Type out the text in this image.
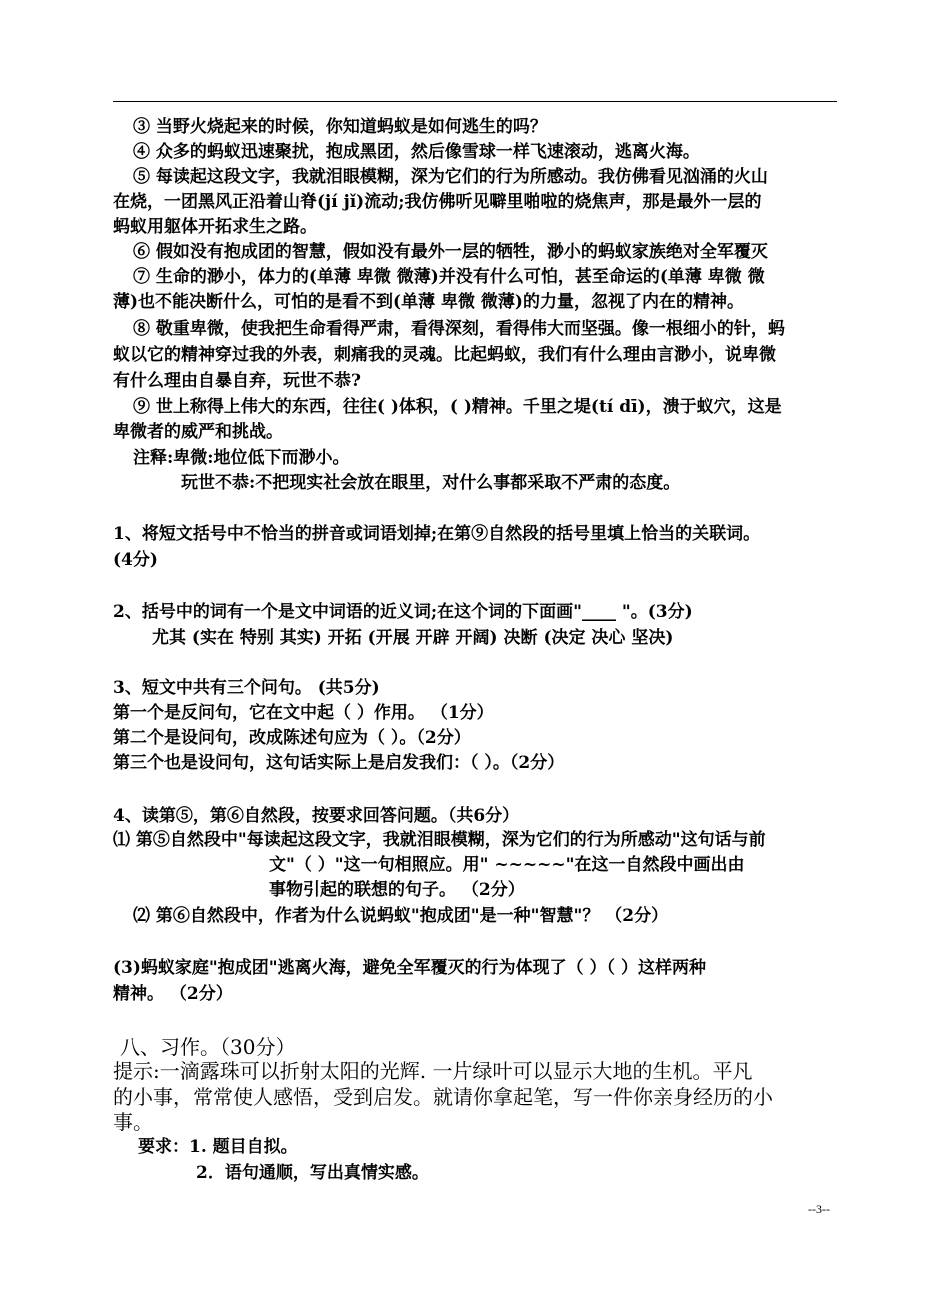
③ 当野火烧起来的时候，你知道蚂蚁是如何逃生的吗？
④ 众多的蚂蚁迅速聚扰，抱成黑团，然后像雪球一样飞速滚动，逃离火海。
⑤ 每读起这段文字，我就泪眼模糊，深为它们的行为所感动。我仿佛看见汹涌的火山
在烧，一团黑风正沿着山脊(jí jǐ)流动;我仿佛听见噼里啪啦的烧焦声，那是最外一层的
蚂蚁用躯体开拓求生之路。
⑥ 假如没有抱成团的智慧，假如没有最外一层的牺牲，渺小的蚂蚁家族绝对全军覆灭
⑦ 生命的渺小，体力的(单薄 卑微 微薄)并没有什么可怕，甚至命运的(单薄 卑微 微
薄)也不能决断什么，可怕的是看不到(单薄 卑微 微薄)的力量，忽视了内在的精神。
⑧ 敬重卑微，使我把生命看得严肃，看得深刻，看得伟大而坚强。像一根细小的针，蚂
蚁以它的精神穿过我的外表，刺痛我的灵魂。比起蚂蚁，我们有什么理由言渺小，说卑微
有什么理由自暴自弃，玩世不恭?
⑨ 世上称得上伟大的东西，往往( )体积，( )精神。千里之堤(tí dī)，溃于蚁穴，这是
卑微者的威严和挑战。
注释:卑微:地位低下而渺小。
玩世不恭:不把现实社会放在眼里，对什么事都采取不严肃的态度。
1、将短文括号中不恰当的拼音或词语划掉;在第⑨自然段的括号里填上恰当的关联词。
(4分)
2、括号中的词有一个是文中词语的近义词;在这个词的下面画"____ "。(3分)
尤其 (实在 特别 其实) 开拓 (开展 开辟 开阔) 决断 (决定 决心 坚决)
3、短文中共有三个问句。 (共5分)
第一个是反问句，它在文中起（ ）作用。 （1分）
第二个是设问句，改成陈述句应为（ ）。（2分）
第三个也是设问句，这句话实际上是启发我们：（ ）。（2分）
4、读第⑤，第⑥自然段，按要求回答问题。（共6分）
⑴ 第⑤自然段中"每读起这段文字，我就泪眼模糊，深为它们的行为所感动"这句话与前
文"（ ）"这一句相照应。用" ~~~~~"在这一自然段中画出由
事物引起的联想的句子。 （2分）
⑵ 第⑥自然段中，作者为什么说蚂蚁"抱成团"是一种"智慧"？ （2分）
(3)蚂蚁家庭"抱成团"逃离火海，避免全军覆灭的行为体现了（ ）（ ）这样两种
精神。 （2分）
八、习作。（30分）
提示:一滴露珠可以折射太阳的光辉. 一片绿叶可以显示大地的生机。平凡
的小事，常常使人感悟，受到启发。就请你拿起笔，写一件你亲身经历的小
事。
要求：1. 题目自拟。
2．语句通顺，写出真情实感。
--3--
